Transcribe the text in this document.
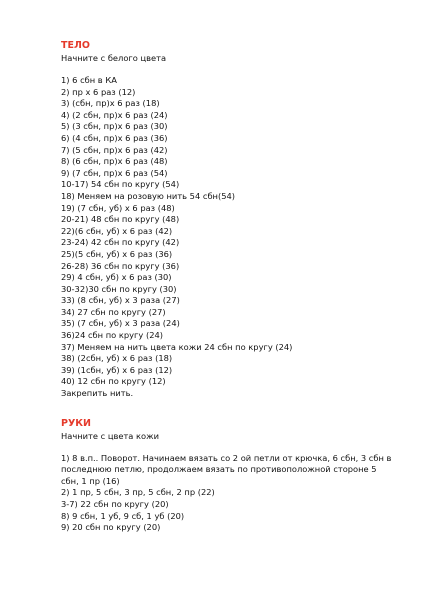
ТЕЛО

Начните с белого цвета

1) 6 сбн в КА

2) пр х 6 раз (12)

3) (сбн, пр)х 6 раз (18)

4) (2 сбн, пр)х 6 раз (24)

5) (3 сбн, пр)х 6 раз (30)

6) (4 сбн, пр)х 6 раз (36)

7) (5 сбн, пр)х 6 раз (42)

8) (6 сбн, пр)х 6 раз (48)

9) (7 сбн, пр)х 6 раз (54)

10-17) 54 сбн по кругу (54)

18) Меняем на розовую нить 54 сбн(54)

19) (7 сбн, уб) х 6 раз (48)

20-21) 48 сбн по кругу (48)

22)(6 сбн, уб) х 6 раз (42)

23-24) 42 сбн по кругу (42)

25)(5 сбн, уб) х 6 раз (36)

26-28) 36 сбн по кругу (36)

29) 4 сбн, уб) х 6 раз (30)

30-32)30 сбн по кругу (30)

33) (8 сбн, уб) х 3 раза (27)

34) 27 сбн по кругу (27)

35) (7 сбн, уб) х 3 раза (24)

36)24 сбн по кругу (24)

37) Меняем на нить цвета кожи 24 сбн по кругу (24)

38) (2сбн, уб) х 6 раз (18)

39) (1сбн, уб) х 6 раз (12)

40) 12 сбн по кругу (12)

Закрепить нить.

РУКИ

Начните с цвета кожи

1) 8 в.п.. Поворот. Начинаем вязать со 2 ой петли от крючка, 6 сбн, 3 сбн в последнюю петлю, продолжаем вязать по противоположной стороне 5 сбн, 1 пр (16)

2) 1 пр, 5 сбн, 3 пр, 5 сбн, 2 пр (22)

3-7) 22 сбн по кругу (20)

8) 9 сбн, 1 уб, 9 сб, 1 уб (20)

9) 20 сбн по кругу (20)
